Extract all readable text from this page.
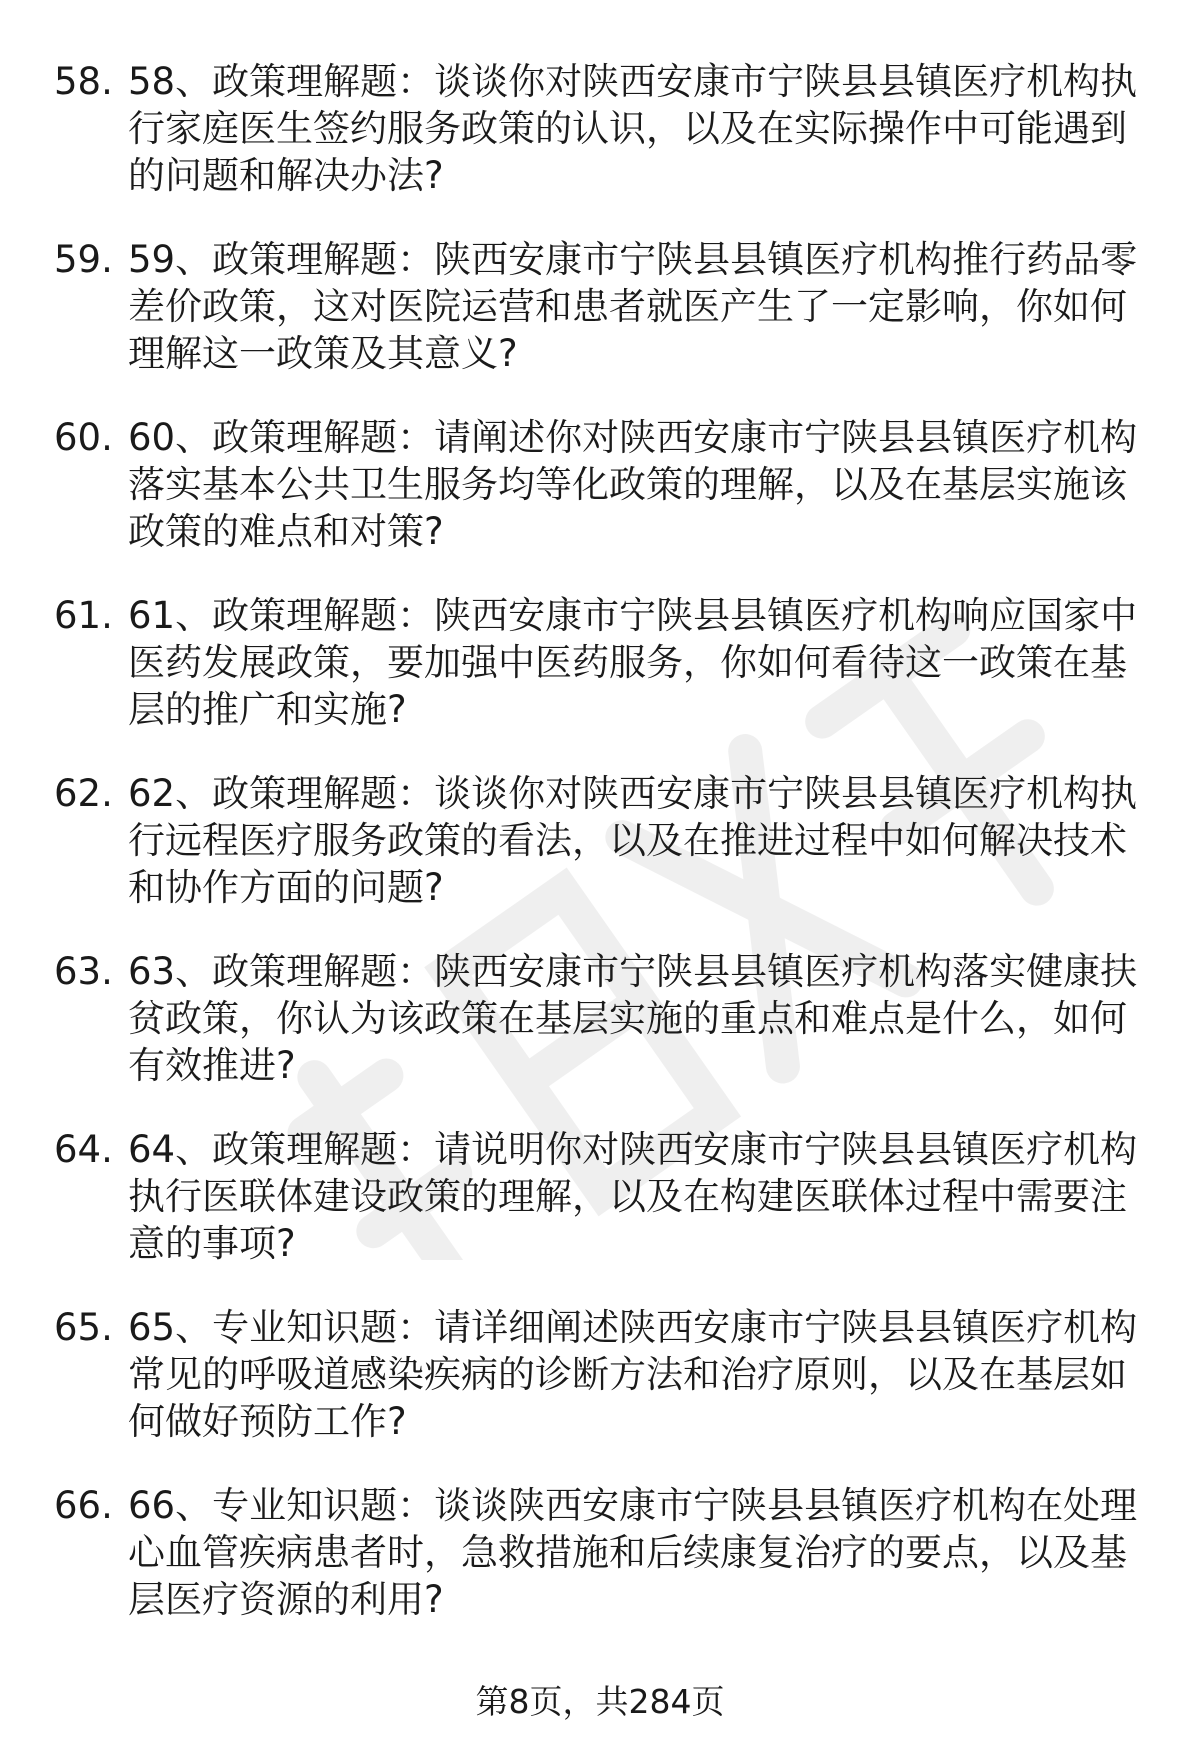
58. 58、政策理解题：谈谈你对陕西安康市宁陕县县镇医疗机构执行家庭医生签约服务政策的认识，以及在实际操作中可能遇到的问题和解决办法?
59. 59、政策理解题：陕西安康市宁陕县县镇医疗机构推行药品零差价政策，这对医院运营和患者就医产生了一定影响，你如何理解这一政策及其意义?
60. 60、政策理解题：请阐述你对陕西安康市宁陕县县镇医疗机构落实基本公共卫生服务均等化政策的理解，以及在基层实施该政策的难点和对策?
61. 61、政策理解题：陕西安康市宁陕县县镇医疗机构响应国家中医药发展政策，要加强中医药服务，你如何看待这一政策在基层的推广和实施?
62. 62、政策理解题：谈谈你对陕西安康市宁陕县县镇医疗机构执行远程医疗服务政策的看法，以及在推进过程中如何解决技术和协作方面的问题?
63. 63、政策理解题：陕西安康市宁陕县县镇医疗机构落实健康扶贫政策，你认为该政策在基层实施的重点和难点是什么，如何有效推进?
64. 64、政策理解题：请说明你对陕西安康市宁陕县县镇医疗机构执行医联体建设政策的理解，以及在构建医联体过程中需要注意的事项?
65. 65、专业知识题：请详细阐述陕西安康市宁陕县县镇医疗机构常见的呼吸道感染疾病的诊断方法和治疗原则，以及在基层如何做好预防工作?
66. 66、专业知识题：谈谈陕西安康市宁陕县县镇医疗机构在处理心血管疾病患者时，急救措施和后续康复治疗的要点，以及基层医疗资源的利用?
第8页，共284页
